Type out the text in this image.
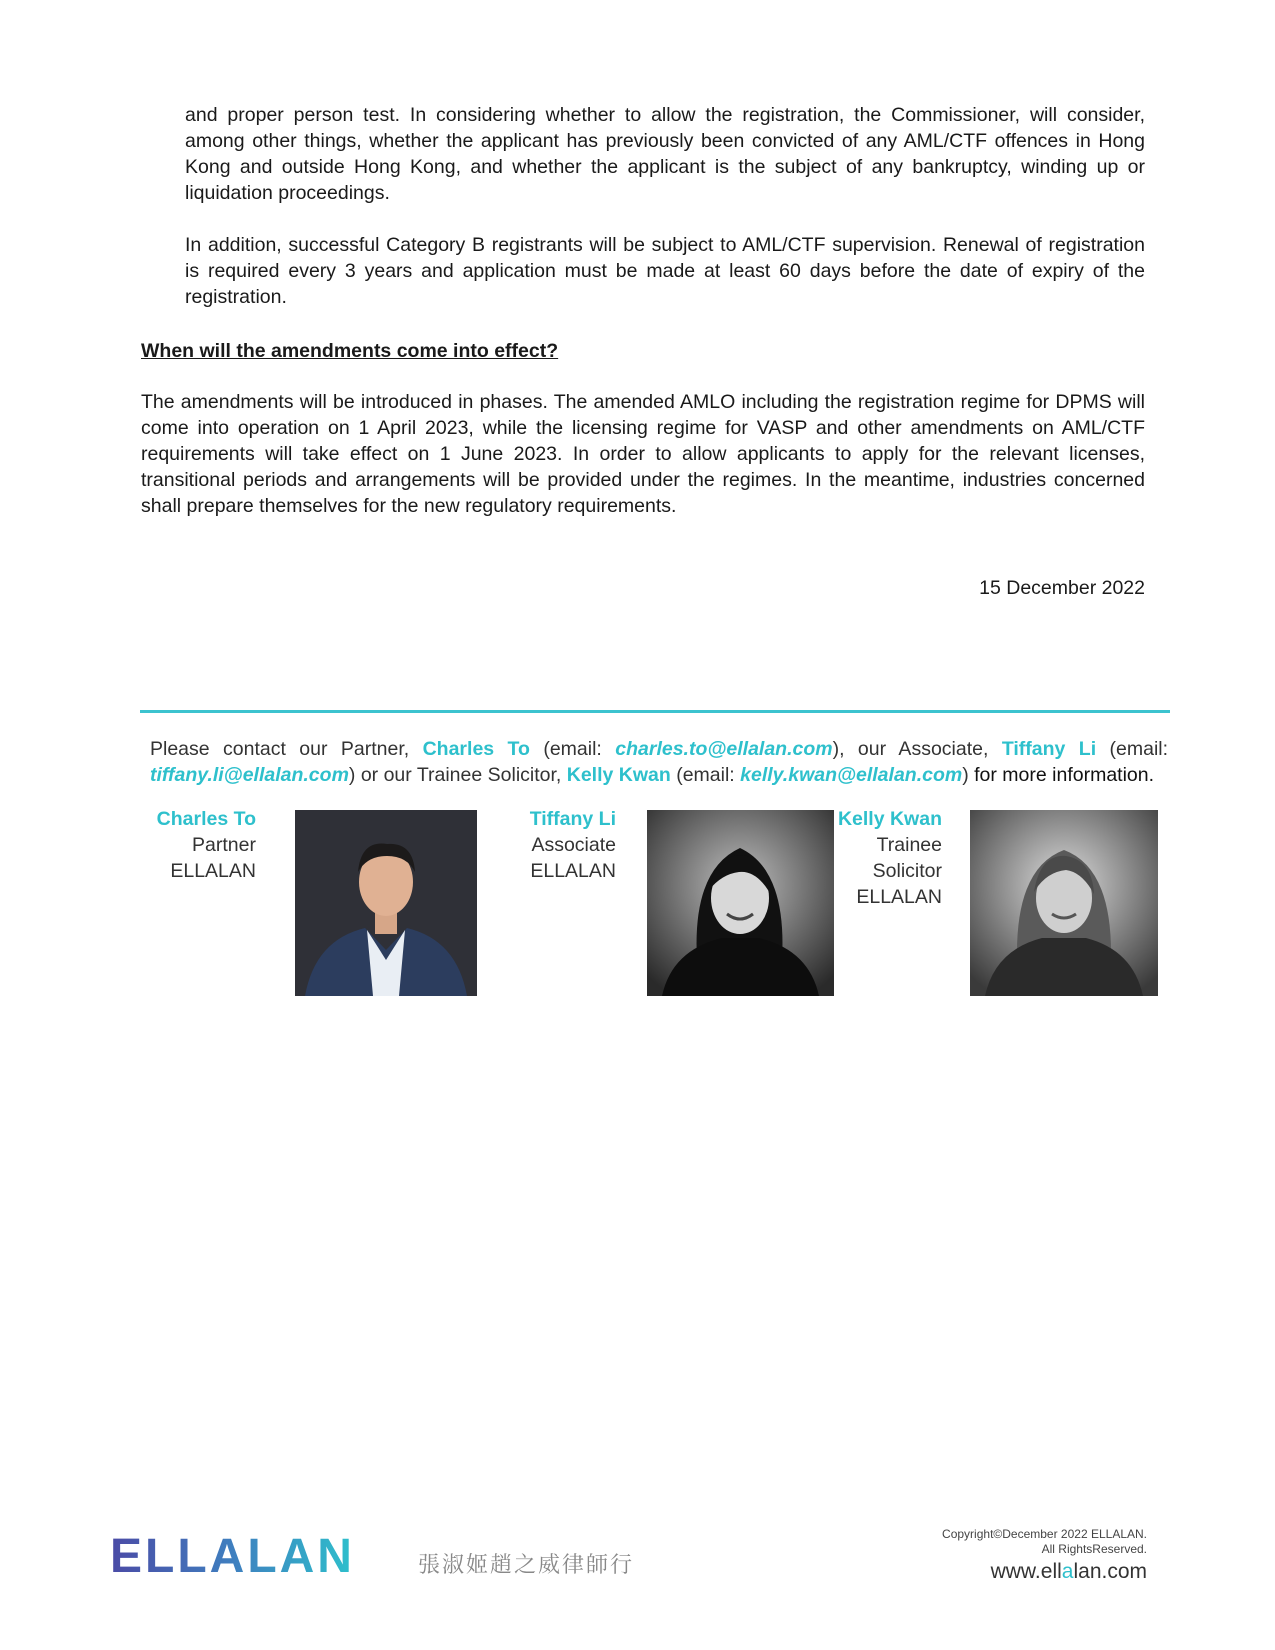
and proper person test. In considering whether to allow the registration, the Commissioner, will consider, among other things, whether the applicant has previously been convicted of any AML/CTF offences in Hong Kong and outside Hong Kong, and whether the applicant is the subject of any bankruptcy, winding up or liquidation proceedings.

In addition, successful Category B registrants will be subject to AML/CTF supervision. Renewal of registration is required every 3 years and application must be made at least 60 days before the date of expiry of the registration.

When will the amendments come into effect?

The amendments will be introduced in phases. The amended AMLO including the registration regime for DPMS will come into operation on 1 April 2023, while the licensing regime for VASP and other amendments on AML/CTF requirements will take effect on 1 June 2023. In order to allow applicants to apply for the relevant licenses, transitional periods and arrangements will be provided under the regimes. In the meantime, industries concerned shall prepare themselves for the new regulatory requirements.

15 December 2022
Please contact our Partner, Charles To (email: charles.to@ellalan.com), our Associate, Tiffany Li (email: tiffany.li@ellalan.com) or our Trainee Solicitor, Kelly Kwan (email: kelly.kwan@ellalan.com) for more information.
Charles To
Partner
ELLALAN
Tiffany Li
Associate
ELLALAN
Kelly Kwan
Trainee
Solicitor
ELLALAN
ELLALAN	張淑姬趙之威律師行
Copyright©December 2022 ELLALAN.
All RightsReserved.
www.ellalan.com
